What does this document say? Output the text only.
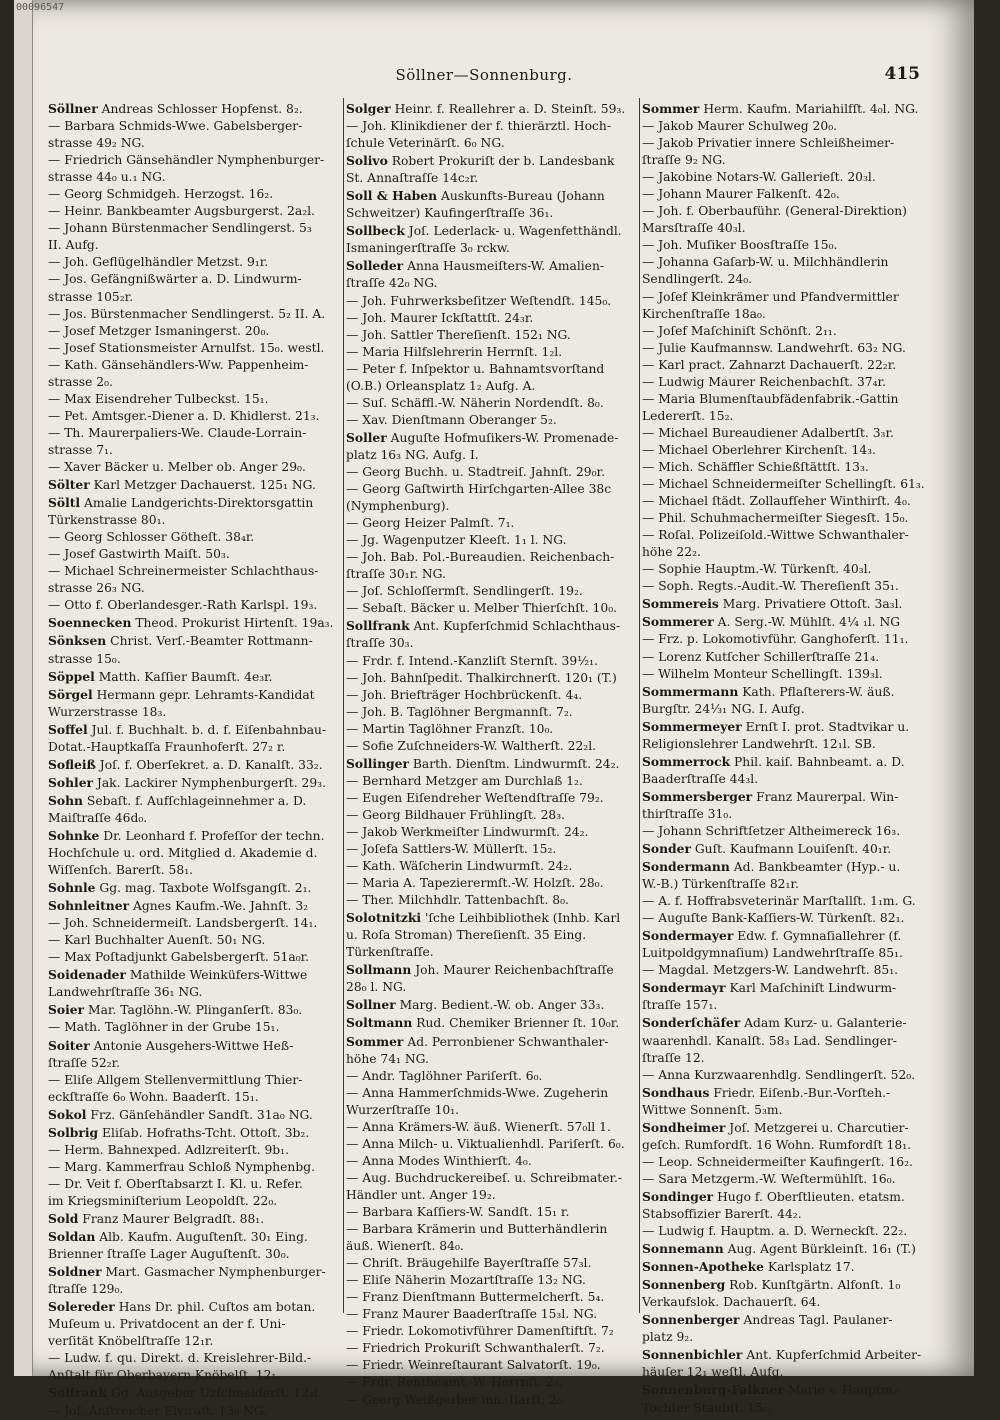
00096547
Söllner—Sonnenburg.	415
Söllner Andreas Schlosser Hopfenst. 8₂.
— Barbara Schmids-Wwe. Gabelsberger-
strasse 49₂ NG.
— Friedrich Gänsehändler Nymphenburger-
strasse 44₀ u.₁ NG.
— Georg Schmidgeh. Herzogst. 16₂.
— Heinr. Bankbeamter Augsburgerst. 2a₂l.
— Johann Bürstenmacher Sendlingerst. 5₃
II. Aufg.
— Joh. Geflügelhändler Metzst. 9₁r.
— Jos. Gefängnißwärter a. D. Lindwurm-
strasse 105₂r.
— Jos. Bürstenmacher Sendlingerst. 5₂ II. A.
— Josef Metzger Ismaningerst. 20₀.
— Josef Stationsmeister Arnulfst. 15₀. westl.
— Kath. Gänsehändlers-Ww. Pappenheim-
strasse 2₀.
— Max Eisendreher Tulbeckst. 15₁.
— Pet. Amtsger.-Diener a. D. Khidlerst. 21₃.
— Th. Maurerpaliers-We. Claude-Lorrain-
strasse 7₁.
— Xaver Bäcker u. Melber ob. Anger 29₀.
Sölter Karl Metzger Dachauerst. 125₁ NG.
Söltl Amalie Landgerichts-Direktorsgattin
Türkenstrasse 80₁.
— Georg Schlosser Götheſt. 38₄r.
— Josef Gastwirth Maiſt. 50₃.
— Michael Schreinermeister Schlachthaus-
strasse 26₃ NG.
— Otto f. Oberlandesger.-Rath Karlspl. 19₃.
Soennecken Theod. Prokurist Hirtenſt. 19a₃.
Sönksen Christ. Verſ.-Beamter Rottmann-
strasse 15₀.
Söppel Matth. Kaſſier Baumſt. 4e₃r.
Sörgel Hermann gepr. Lehramts-Kandidat
Wurzerstrasse 18₃.
Soffel Jul. f. Buchhalt. b. d. f. Eiſenbahnbau-
Dotat.-Hauptkaſſa Fraunhoferſt. 27₂ r.
Sofleiß Joſ. f. Oberſekret. a. D. Kanalſt. 33₂.
Sohler Jak. Lackirer Nymphenburgerſt. 29₃.
Sohn Sebaſt. f. Aufſchlageinnehmer a. D.
Maiſtraſſe 46d₀.
Sohnke Dr. Leonhard f. Profeſſor der techn.
Hochſchule u. ord. Mitglied d. Akademie d.
Wiſſenſch. Barerſt. 58₁.
Sohnle Gg. mag. Taxbote Wolfsgangſt. 2₁.
Sohnleitner Agnes Kaufm.-We. Jahnſt. 3₂
— Joh. Schneidermeiſt. Landsbergerſt. 14₁.
— Karl Buchhalter Auenſt. 50₁ NG.
— Max Poſtadjunkt Gabelsbergerſt. 51a₀r.
Soidenader Mathilde Weinküfers-Wittwe
Landwehrſtraſſe 36₁ NG.
Soier Mar. Taglöhn.-W. Plinganſerſt. 83₀.
— Math. Taglöhner in der Grube 15₁.
Soiter Antonie Ausgehers-Wittwe Heß-
ſtraſſe 52₂r.
— Eliſe Allgem Stellenvermittlung Thier-
eckſtraſſe 6₀ Wohn. Baaderſt. 15₁.
Sokol Frz. Gänſehändler Sandſt. 31a₀ NG.
Solbrig Eliſab. Hofraths-Tcht. Ottoſt. 3b₂.
— Herm. Bahnexped. Adlzreiterſt. 9b₁.
— Marg. Kammerfrau Schloß Nymphenbg.
— Dr. Veit f. Oberſtabsarzt I. Kl. u. Refer.
im Kriegsminiſterium Leopoldſt. 22₀.
Sold Franz Maurer Belgradſt. 88₁.
Soldan Alb. Kaufm. Auguſtenſt. 30₁ Eing.
Brienner ſtraſſe Lager Auguſtenſt. 30₀.
Soldner Mart. Gasmacher Nymphenburger-
ſtraſſe 129₀.
Solereder Hans Dr. phil. Cuſtos am botan.
Muſeum u. Privatdocent an der f. Uni-
verſität Knöbelſtraſſe 12₁r.
— Ludw. f. qu. Direkt. d. Kreislehrer-Bild.-
Anſtalt für Oberbayern Knöbelſt. 12₁.
Solfrank Gg. Ausgeber Uzſchneiderſt. 12₄l.
— Joſ. Anſtreicher Elviraſt. 13₀ NG.
Solger Heinr. f. Reallehrer a. D. Steinſt. 59₃.
— Joh. Klinikdiener der f. thierärztl. Hoch-
ſchule Veterinärſt. 6₀ NG.
Solivo Robert Prokuriſt der b. Landesbank
St. Annaſtraſſe 14c₂r.
Soll & Haben Auskunfts-Bureau (Johann
Schweitzer) Kaufingerſtraſſe 36₁.
Sollbeck Joſ. Lederlack- u. Wagenfetthändl.
Ismaningerſtraſſe 3₀ rckw.
Solleder Anna Hausmeiſters-W. Amalien-
ſtraſſe 42₀ NG.
— Joh. Fuhrwerksbeſitzer Weſtendſt. 145₀.
— Joh. Maurer Ickſtattſt. 24₃r.
— Joh. Sattler Thereſienſt. 152₁ NG.
— Maria Hilfslehrerin Herrnſt. 1₂l.
— Peter f. Inſpektor u. Bahnamtsvorſtand
(O.B.) Orleansplatz 1₂ Aufg. A.
— Suſ. Schäffl.-W. Näherin Nordendſt. 8₀.
— Xav. Dienſtmann Oberanger 5₂.
Soller Auguſte Hofmuſikers-W. Promenade-
platz 16₃ NG. Aufg. I.
— Georg Buchh. u. Stadtreiſ. Jahnſt. 29₀r.
— Georg Gaſtwirth Hirſchgarten-Allee 38c
(Nymphenburg).
— Georg Heizer Palmſt. 7₁.
— Jg. Wagenputzer Kleeſt. 1₁ l. NG.
— Joh. Bab. Pol.-Bureaudien. Reichenbach-
ſtraſſe 30₁r. NG.
— Joſ. Schloſſermſt. Sendlingerſt. 19₂.
— Sebaſt. Bäcker u. Melber Thierſchſt. 10₀.
Sollfrank Ant. Kupferſchmid Schlachthaus-
ſtraſſe 30₃.
— Frdr. f. Intend.-Kanzliſt Sternſt. 39½₁.
— Joh. Bahnſpedit. Thalkirchnerſt. 120₁ (T.)
— Joh. Briefträger Hochbrückenſt. 4₄.
— Joh. B. Taglöhner Bergmannſt. 7₂.
— Martin Taglöhner Franzſt. 10₀.
— Sofie Zuſchneiders-W. Waltherſt. 22₂l.
Sollinger Barth. Dienſtm. Lindwurmſt. 24₂.
— Bernhard Metzger am Durchlaß 1₂.
— Eugen Eiſendreher Weſtendſtraſſe 79₂.
— Georg Bildhauer Frühlingſt. 28₃.
— Jakob Werkmeiſter Lindwurmſt. 24₂.
— Joſefa Sattlers-W. Müllerſt. 15₂.
— Kath. Wäſcherin Lindwurmſt. 24₂.
— Maria A. Tapezierermſt.-W. Holzſt. 28₀.
— Ther. Milchhdlr. Tattenbachſt. 8₀.
Solotnitzki 'ſche Leihbibliothek (Inhb. Karl
u. Roſa Stroman) Thereſienſt. 35 Eing.
Türkenſtraſſe.
Sollmann Joh. Maurer Reichenbachſtraſſe
28₀ l. NG.
Sollner Marg. Bedient.-W. ob. Anger 33₃.
Soltmann Rud. Chemiker Brienner ſt. 10₀r.
Sommer Ad. Perronbiener Schwanthaler-
höhe 74₁ NG.
— Andr. Taglöhner Pariſerſt. 6₀.
— Anna Hammerſchmids-Wwe. Zugeherin
Wurzerſtraſſe 10₁.
— Anna Krämers-W. äuß. Wienerſt. 57₀ll 1.
— Anna Milch- u. Viktualienhdl. Pariſerſt. 6₀.
— Anna Modes Winthierſt. 4₀.
— Aug. Buchdruckereibeſ. u. Schreibmater.-
Händler unt. Anger 19₂.
— Barbara Kaſſiers-W. Sandſt. 15₁ r.
— Barbara Krämerin und Butterhändlerin
äuß. Wienerſt. 84₀.
— Chriſt. Bräugehilfe Bayerſtraſſe 57₃l.
— Eliſe Näherin Mozartſtraſſe 13₂ NG.
— Franz Dienſtmann Buttermelcherſt. 5₄.
— Franz Maurer Baaderſtraſſe 15₃l. NG.
— Friedr. Lokomotivführer Damenſtiftſt. 7₂
— Friedrich Prokuriſt Schwanthalerſt. 7₂.
— Friedr. Weinreſtaurant Salvatorſt. 19₀.
— Frdr. Rentbeamt.-W. Herrnſt. 2₂.
— Georg Weißgerber inn. Iſarſt. 2₀.
Sommer Herm. Kaufm. Mariahilfſt. 4₀l. NG.
— Jakob Maurer Schulweg 20₀.
— Jakob Privatier innere Schleißheimer-
ſtraſſe 9₂ NG.
— Jakobine Notars-W. Gallerieſt. 20₃l.
— Johann Maurer Falkenſt. 42₀.
— Joh. f. Oberbauführ. (General-Direktion)
Marsſtraſſe 40₃l.
— Joh. Muſiker Boosſtraſſe 15₀.
— Johanna Gaſarb-W. u. Milchhändlerin
Sendlingerſt. 24₀.
— Joſef Kleinkrämer und Pfandvermittler
Kirchenſtraſſe 18a₀.
— Joſef Maſchiniſt Schönſt. 2₁₁.
— Julie Kaufmannsw. Landwehrſt. 63₂ NG.
— Karl pract. Zahnarzt Dachauerſt. 22₂r.
— Ludwig Maurer Reichenbachſt. 37₄r.
— Maria Blumenſtaubfädenfabrik.-Gattin
Ledererſt. 15₂.
— Michael Bureaudiener Adalbertſt. 3₃r.
— Michael Oberlehrer Kirchenſt. 14₃.
— Mich. Schäffler Schießſtättſt. 13₃.
— Michael Schneidermeiſter Schellingſt. 61₃.
— Michael ſtädt. Zollaufſeher Winthirſt. 4₀.
— Phil. Schuhmachermeiſter Siegesſt. 15₀.
— Roſal. Polizeiſold.-Wittwe Schwanthaler-
höhe 22₂.
— Sophie Hauptm.-W. Türkenſt. 40₃l.
— Soph. Regts.-Audit.-W. Thereſienſt 35₁.
Sommereis Marg. Privatiere Ottoſt. 3a₃l.
Sommerer A. Serg.-W. Mühlſt. 4¼ ₁l. NG
— Frz. p. Lokomotivführ. Ganghoferſt. 11₁.
— Lorenz Kutſcher Schillerſtraſſe 21₄.
— Wilhelm Monteur Schellingſt. 139₃l.
Sommermann Kath. Pflaſterers-W. äuß.
Burgſtr. 24¹⁄₃₁ NG. I. Aufg.
Sommermeyer Ernſt I. prot. Stadtvikar u.
Religionslehrer Landwehrſt. 12₁l. SB.
Sommerrock Phil. kaiſ. Bahnbeamt. a. D.
Baaderſtraſſe 44₃l.
Sommersberger Franz Maurerpal. Win-
thirſtraſſe 31₀.
— Johann Schriftſetzer Altheimereck 16₃.
Sonder Guſt. Kaufmann Louiſenſt. 40₁r.
Sondermann Ad. Bankbeamter (Hyp.- u.
W.-B.) Türkenſtraſſe 82₁r.
— A. f. Hoffrabsveterinär Marſtallſt. 1₁m. G.
— Auguſte Bank-Kaſſiers-W. Türkenſt. 82₁.
Sondermayer Edw. f. Gymnaſiallehrer (f.
Luitpoldgymnaſium) Landwehrſtraſſe 85₁.
— Magdal. Metzgers-W. Landwehrſt. 85₁.
Sondermayr Karl Maſchiniſt Lindwurm-
ſtraſſe 157₁.
Sonderſchäfer Adam Kurz- u. Galanterie-
waarenhdl. Kanalſt. 58₃ Lad. Sendlinger-
ſtraſſe 12.
— Anna Kurzwaarenhdlg. Sendlingerſt. 52₀.
Sondhaus Friedr. Eiſenb.-Bur.-Vorſteh.-
Wittwe Sonnenſt. 5₃m.
Sondheimer Joſ. Metzgerei u. Charcutier-
geſch. Rumfordſt. 16 Wohn. Rumfordſt 18₁.
— Leop. Schneidermeiſter Kaufingerſt. 16₂.
— Sara Metzgerm.-W. Weſtermühlſt. 16₀.
Sondinger Hugo f. Oberſtlieuten. etatsm.
Stabsoffizier Barerſt. 44₂.
— Ludwig f. Hauptm. a. D. Werneckſt. 22₂.
Sonnemann Aug. Agent Bürkleinſt. 16₁ (T.)
Sonnen-Apotheke Karlsplatz 17.
Sonnenberg Rob. Kunſtgärtn. Alfonſt. 1₀
Verkaufslok. Dachauerſt. 64.
Sonnenberger Andreas Tagl. Paulaner-
platz 9₂.
Sonnenbichler Ant. Kupferſchmid Arbeiter-
häuſer 12₁ weſtl. Aufg.
Sonnenburg-Falkner Marie v. Hauptm.-
Tochter Staubſt. 15₀.
